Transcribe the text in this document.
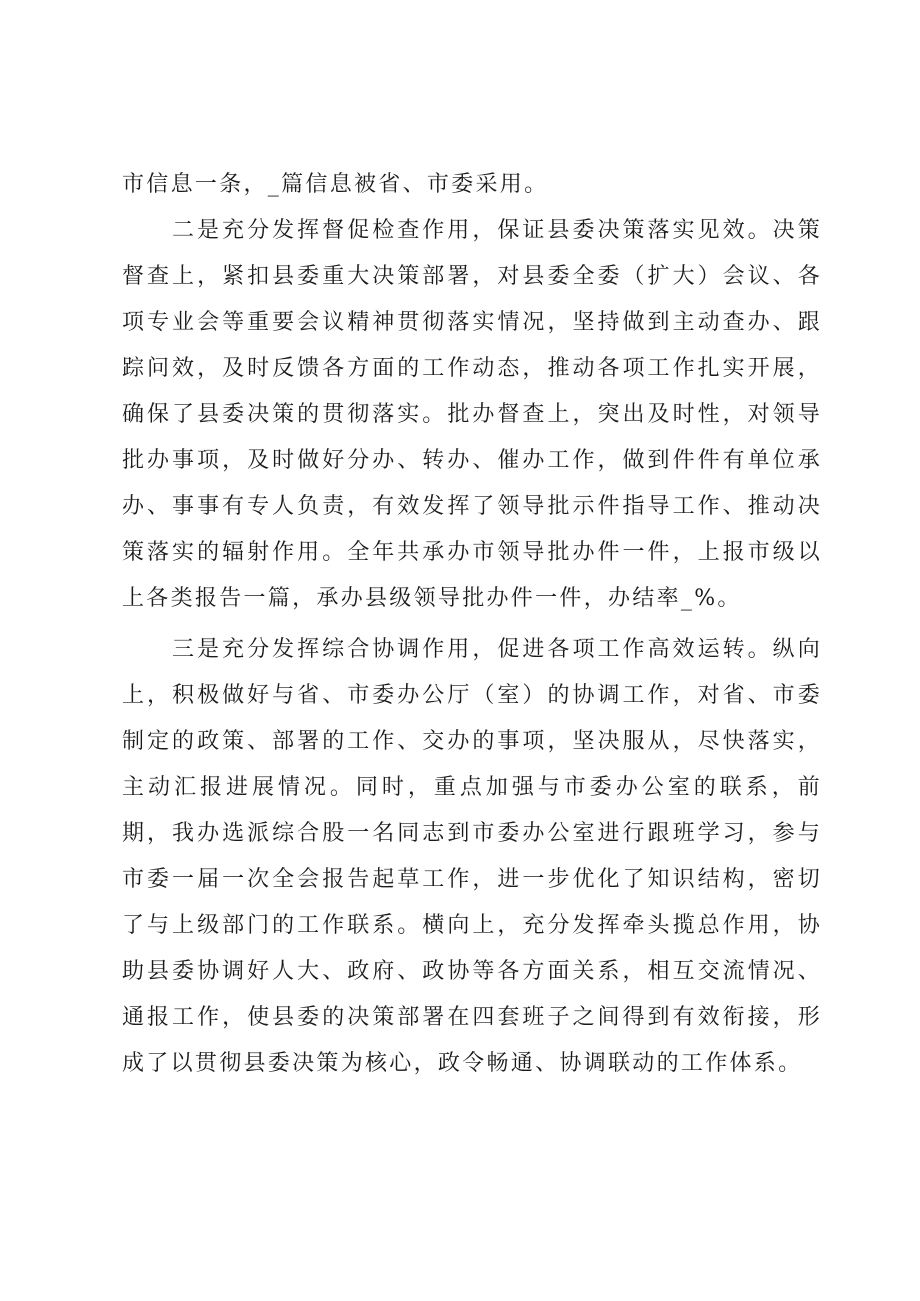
市信息一条，_篇信息被省、市委采用。

二是充分发挥督促检查作用，保证县委决策落实见效。决策督查上，紧扣县委重大决策部署，对县委全委（扩大）会议、各项专业会等重要会议精神贯彻落实情况，坚持做到主动查办、跟踪问效，及时反馈各方面的工作动态，推动各项工作扎实开展，确保了县委决策的贯彻落实。批办督查上，突出及时性，对领导批办事项，及时做好分办、转办、催办工作，做到件件有单位承办、事事有专人负责，有效发挥了领导批示件指导工作、推动决策落实的辐射作用。全年共承办市领导批办件一件，上报市级以上各类报告一篇，承办县级领导批办件一件，办结率_%。

三是充分发挥综合协调作用，促进各项工作高效运转。纵向上，积极做好与省、市委办公厅（室）的协调工作，对省、市委制定的政策、部署的工作、交办的事项，坚决服从，尽快落实，主动汇报进展情况。同时，重点加强与市委办公室的联系，前期，我办选派综合股一名同志到市委办公室进行跟班学习，参与市委一届一次全会报告起草工作，进一步优化了知识结构，密切了与上级部门的工作联系。横向上，充分发挥牵头揽总作用，协助县委协调好人大、政府、政协等各方面关系，相互交流情况、通报工作，使县委的决策部署在四套班子之间得到有效衔接，形成了以贯彻县委决策为核心，政令畅通、协调联动的工作体系。
